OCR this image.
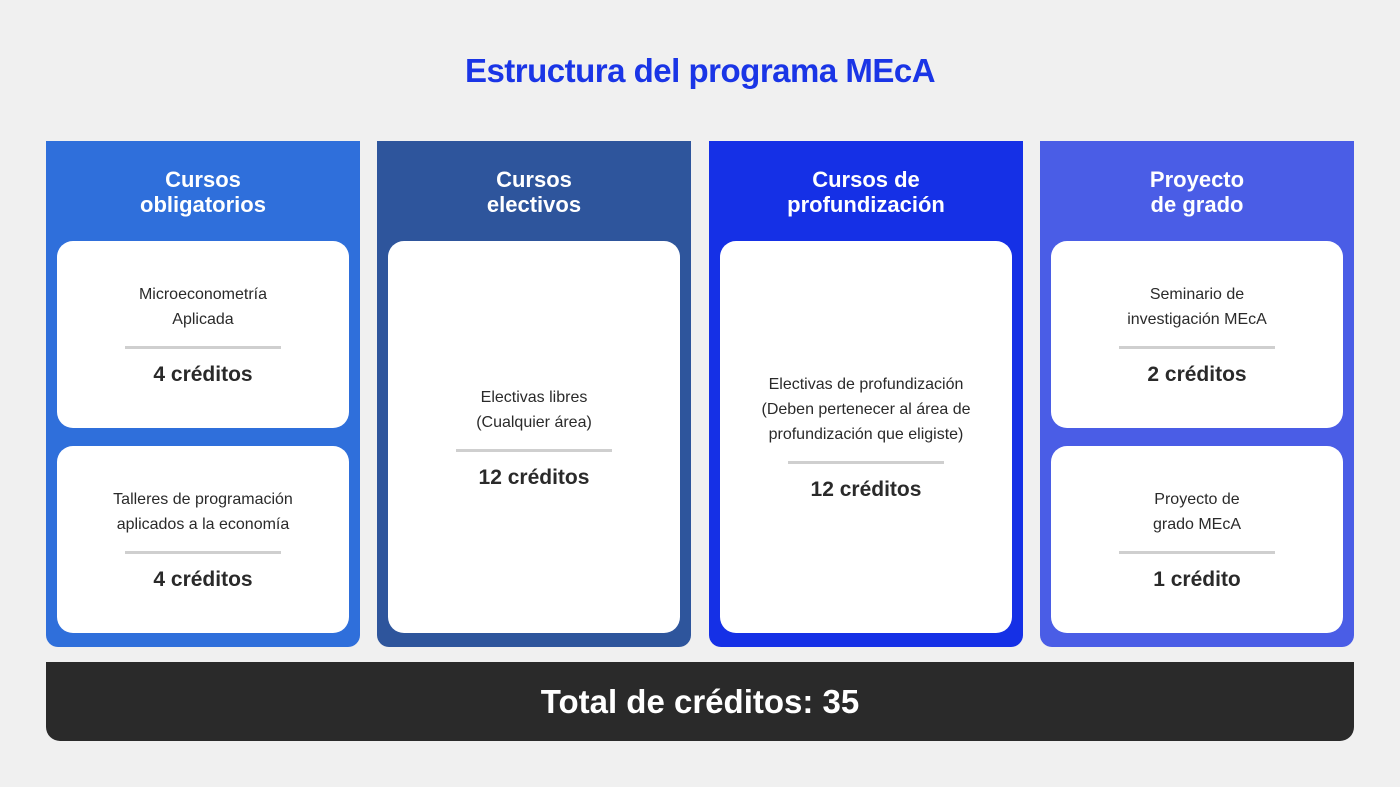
Estructura del programa MEcA
Cursos
obligatorios
Microeconometría
Aplicada
4 créditos
Talleres de programación
aplicados a la economía
4 créditos
Cursos
electivos
Electivas libres
(Cualquier área)
12 créditos
Cursos de
profundización
Electivas de profundización
(Deben pertenecer al área de
profundización que eligiste)
12 créditos
Proyecto
de grado
Seminario de
investigación MEcA
2 créditos
Proyecto de
grado MEcA
1 crédito
Total de créditos: 35
